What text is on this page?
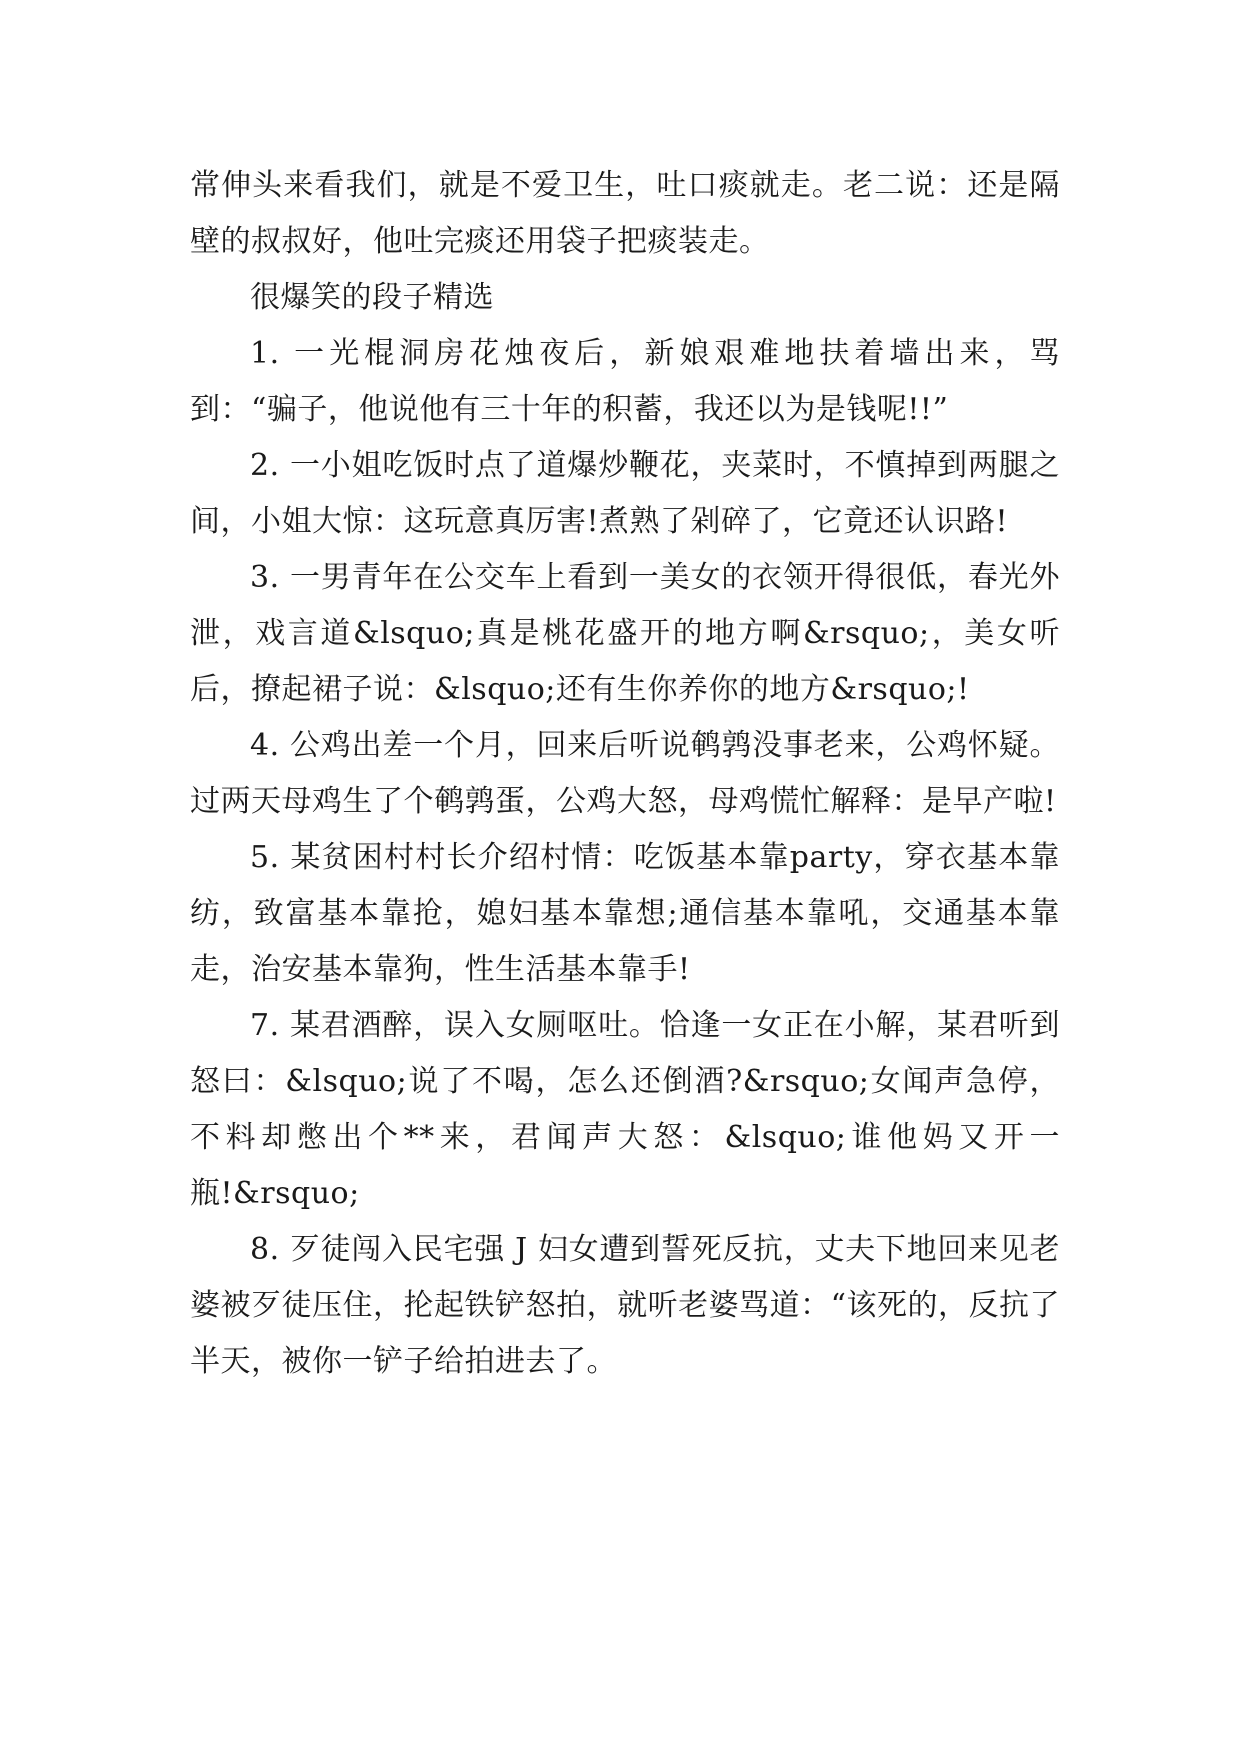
常伸头来看我们，就是不爱卫生，吐口痰就走。老二说：还是隔壁的叔叔好，他吐完痰还用袋子把痰装走。

很爆笑的段子精选

1. 一光棍洞房花烛夜后，新娘艰难地扶着墙出来，骂到：“骗子，他说他有三十年的积蓄，我还以为是钱呢!!”

2. 一小姐吃饭时点了道爆炒鞭花，夹菜时，不慎掉到两腿之间，小姐大惊：这玩意真厉害!煮熟了剁碎了，它竟还认识路!

3. 一男青年在公交车上看到一美女的衣领开得很低，春光外泄，戏言道&lsquo;真是桃花盛开的地方啊&rsquo;，美女听后，撩起裙子说：&lsquo;还有生你养你的地方&rsquo;!

4. 公鸡出差一个月，回来后听说鹌鹑没事老来，公鸡怀疑。过两天母鸡生了个鹌鹑蛋，公鸡大怒，母鸡慌忙解释：是早产啦!

5. 某贫困村村长介绍村情：吃饭基本靠party，穿衣基本靠纺，致富基本靠抢，媳妇基本靠想;通信基本靠吼，交通基本靠走，治安基本靠狗，性生活基本靠手!

7. 某君酒醉，误入女厕呕吐。恰逢一女正在小解，某君听到怒曰：&lsquo;说了不喝，怎么还倒酒?&rsquo;女闻声急停，不料却憋出个**来，君闻声大怒：&lsquo;谁他妈又开一瓶!&rsquo;

8. 歹徒闯入民宅强 J 妇女遭到誓死反抗，丈夫下地回来见老婆被歹徒压住，抡起铁铲怒拍，就听老婆骂道：“该死的，反抗了半天，被你一铲子给拍进去了。
